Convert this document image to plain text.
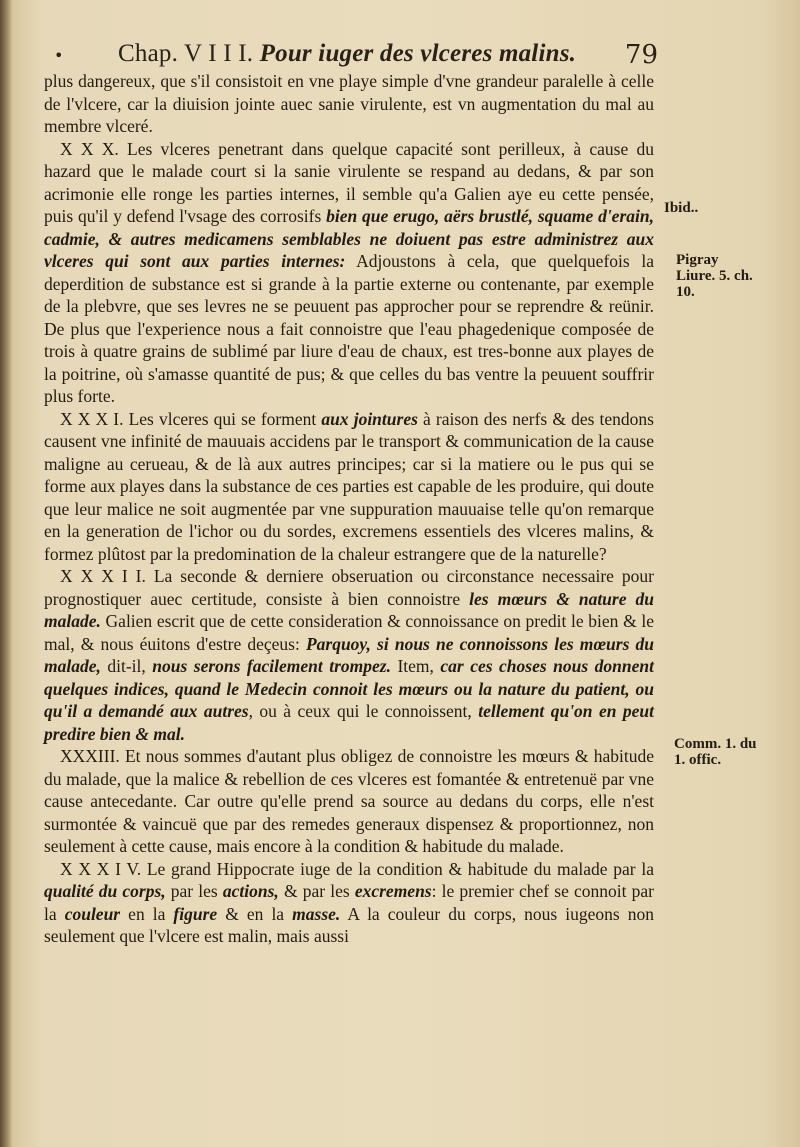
• Chap. V I I I. Pour iuger des vlceres malins. 79

plus dangereux, que s'il consistoit en vne playe simple d'vne grandeur paralelle à celle de l'vlcere, car la diuision jointe auec sanie virulente, est vn augmentation du mal au membre vlceré.

X X X. Les vlceres penetrant dans quelque capacité sont perilleux, à cause du hazard que le malade court si la sanie virulente se respand au dedans, & par son acrimonie elle ronge les parties internes, il semble qu'a Galien aye eu cette pensée, puis qu'il y defend l'vsage des corrosifs bien que erugo, aërs brustlé, squame d'erain, cadmie, & autres medicamens semblables ne doiuent pas estre administrez aux vlceres qui sont aux parties internes: Adjoustons à cela, que quelquefois la deperdition de substance est si grande à la partie externe ou contenante, par exemple de la plebvre, que ses levres ne se peuuent pas approcher pour se reprendre & reünir. De plus que l'experience nous a fait connoistre que l'eau phagedenique composée de trois à quatre grains de sublimé par liure d'eau de chaux, est tres-bonne aux playes de la poitrine, où s'amasse quantité de pus; & que celles du bas ventre la peuuent souffrir plus forte.

X X X I. Les vlceres qui se forment aux jointures à raison des nerfs & des tendons causent vne infinité de mauuais accidens par le transport & communication de la cause maligne au cerueau, & de là aux autres principes; car si la matiere ou le pus qui se forme aux playes dans la substance de ces parties est capable de les produire, qui doute que leur malice ne soit augmentée par vne suppuration mauuaise telle qu'on remarque en la generation de l'ichor ou du sordes, excremens essentiels des vlceres malins, & formez plûtost par la predomination de la chaleur estrangere que de la naturelle?

X X X I I. La seconde & derniere obseruation ou circonstance necessaire pour prognostiquer auec certitude, consiste à bien connoistre les mœurs & nature du malade. Galien escrit que de cette consideration & connoissance on predit le bien & le mal, & nous éuitons d'estre deçeus: Parquoy, si nous ne connoissons les mœurs du malade, dit-il, nous serons facilement trompez. Item, car ces choses nous donnent quelques indices, quand le Medecin connoit les mœurs ou la nature du patient, ou qu'il a demandé aux autres, ou à ceux qui le connoissent, tellement qu'on en peut predire bien & mal.

XXXIII. Et nous sommes d'autant plus obligez de connoistre les mœurs & habitude du malade, que la malice & rebellion de ces vlceres est fomantée & entretenuë par vne cause antecedante. Car outre qu'elle prend sa source au dedans du corps, elle n'est surmontée & vaincuë que par des remedes generaux dispensez & proportionnez, non seulement à cette cause, mais encore à la condition & habitude du malade.

X X X I V. Le grand Hippocrate iuge de la condition & habitude du malade par la qualité du corps, par les actions, & par les excremens: le premier chef se connoit par la couleur en la figure & en la masse. A la couleur du corps, nous iugeons non seulement que l'vlcere est malin, mais aussi

Ibid..
Pigray
Liure. 5. ch.
10.
Comm. 1. du
1. offic.
